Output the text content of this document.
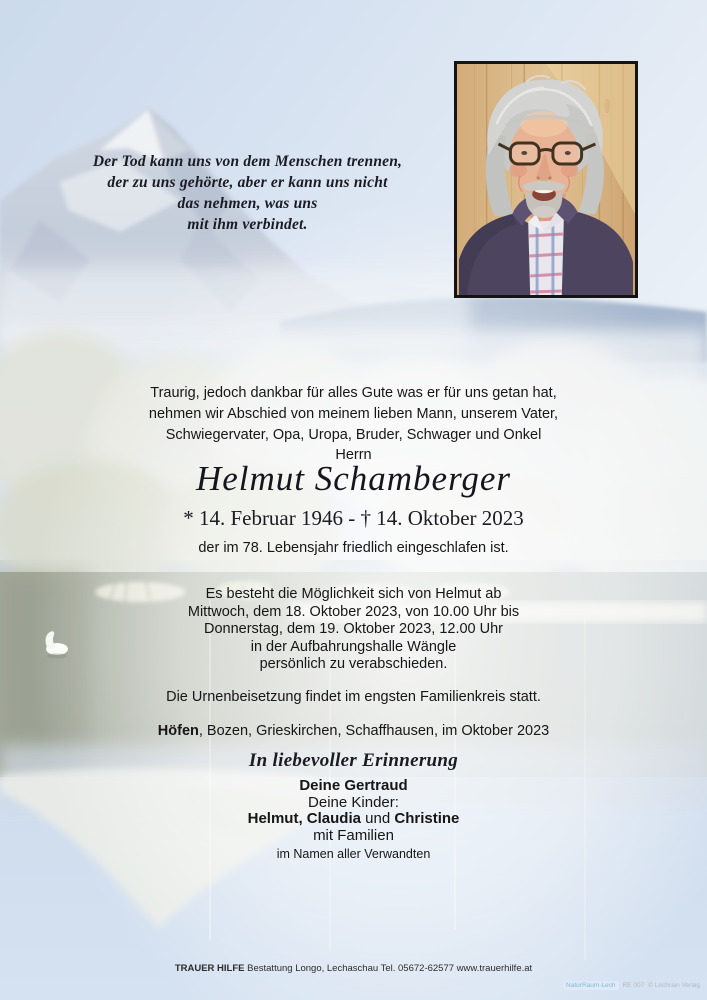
Der Tod kann uns von dem Menschen trennen,
der zu uns gehörte, aber er kann uns nicht
das nehmen, was uns
mit ihm verbindet.
Traurig, jedoch dankbar für alles Gute was er für uns getan hat,
nehmen wir Abschied von meinem lieben Mann, unserem Vater,
Schwiegervater, Opa, Uropa, Bruder, Schwager und Onkel
Herrn
Helmut Schamberger
* 14. Februar 1946 - † 14. Oktober 2023
der im 78. Lebensjahr friedlich eingeschlafen ist.
Es besteht die Möglichkeit sich von Helmut ab
Mittwoch, dem 18. Oktober 2023, von 10.00 Uhr bis
Donnerstag, dem 19. Oktober 2023, 12.00 Uhr
in der Aufbahrungshalle Wängle
persönlich zu verabschieden.
Die Urnenbeisetzung findet im engsten Familienkreis statt.
Höfen, Bozen, Grieskirchen, Schaffhausen, im Oktober 2023
In liebevoller Erinnerung
Deine Gertraud
Deine Kinder:
Helmut, Claudia und Christine
mit Familien
im Namen aller Verwandten
TRAUER HILFE Bestattung Longo, Lechaschau Tel. 05672-62577 www.trauerhilfe.at
NaturRaum-Lech	RE 007 © Lechrain Verlag
